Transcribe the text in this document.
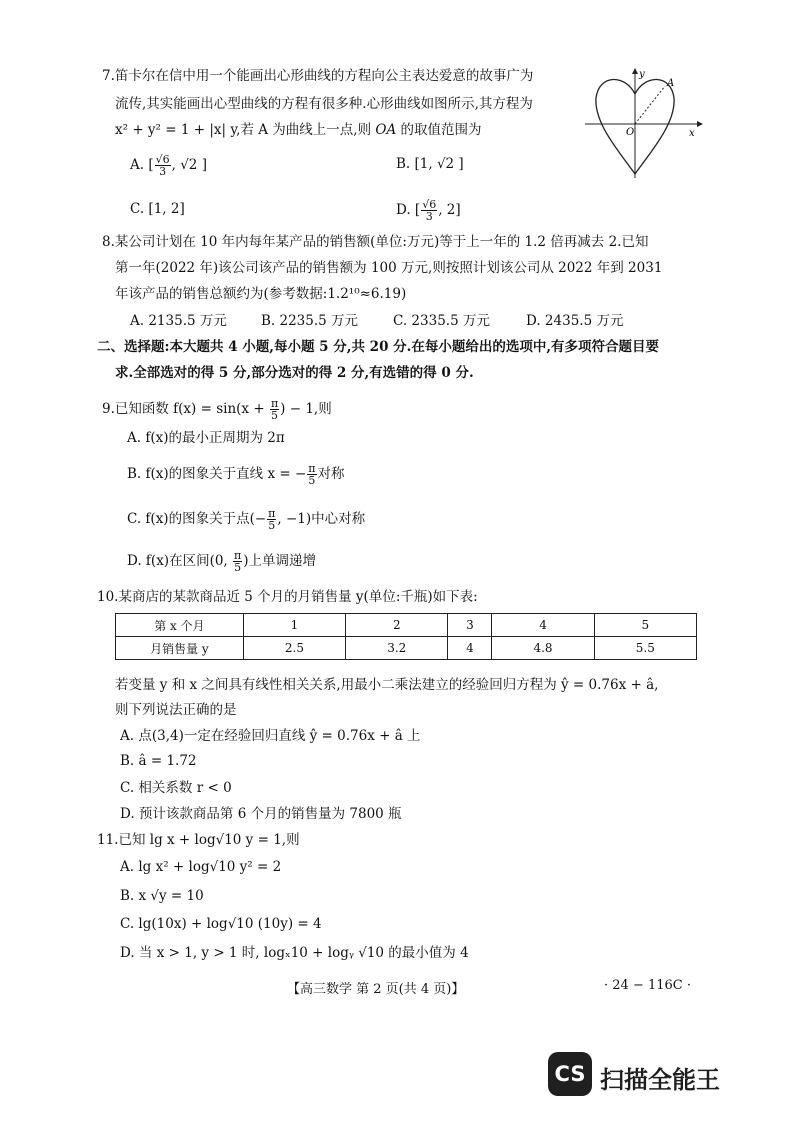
7.笛卡尔在信中用一个能画出心形曲线的方程向公主表达爱意的故事广为
流传,其实能画出心型曲线的方程有很多种.心形曲线如图所示,其方程为
x² + y² = 1 + |x| y,若 A 为曲线上一点,则 OA 的取值范围为
y
x
O
A
A. [ $\frac{√6}{3}$ , √2 ]	B. [1, √2 ]
C. [1, 2]	D. [ $\frac{√6}{3}$ , 2]
8.某公司计划在 10 年内每年某产品的销售额(单位:万元)等于上一年的 1.2 倍再减去 2.已知
第一年(2022 年)该公司该产品的销售额为 100 万元,则按照计划该公司从 2022 年到 2031
年该产品的销售总额约为(参考数据:1.2¹⁰≈6.19)
A. 2135.5 万元	B. 2235.5 万元	C. 2335.5 万元	D. 2435.5 万元
二、选择题:本大题共 4 小题,每小题 5 分,共 20 分.在每小题给出的选项中,有多项符合题目要
求.全部选对的得 5 分,部分选对的得 2 分,有选错的得 0 分.
9.已知函数 $f(x) = \sin(x + \frac{\pi}{5}$ ) − 1,则
A. f(x)的最小正周期为 2π
B. f(x)的图象关于直线 x = − $\frac{\pi}{5}$ 对称
C. f(x)的图象关于点(− $\frac{\pi}{5}$ , −1)中心对称
D. f(x)在区间(0, $\frac{\pi}{5}$ )上单调递增
10.某商店的某款商品近 5 个月的月销售量 y(单位:千瓶)如下表:
第 x 个月	1	2	3	4	5
月销售量 y	2.5	3.2	4	4.8	5.5
若变量 y 和 x 之间具有线性相关关系,用最小二乘法建立的经验回归方程为 ŷ = 0.76x + â,
则下列说法正确的是
A. 点(3,4)一定在经验回归直线 ŷ = 0.76x + â 上
B. â = 1.72
C. 相关系数 r < 0
D. 预计该款商品第 6 个月的销售量为 7800 瓶
11.已知 lg x + log√10 y = 1,则
A. lg x² + log√10 y² = 2
B. x √y = 10
C. lg(10x) + log√10 (10y) = 4
D. 当 x > 1, y > 1 时, logₓ10 + logᵧ √10 的最小值为 4
【高三数学 第 2 页(共 4 页)】	· 24 − 116C ·
CS 扫描全能王
